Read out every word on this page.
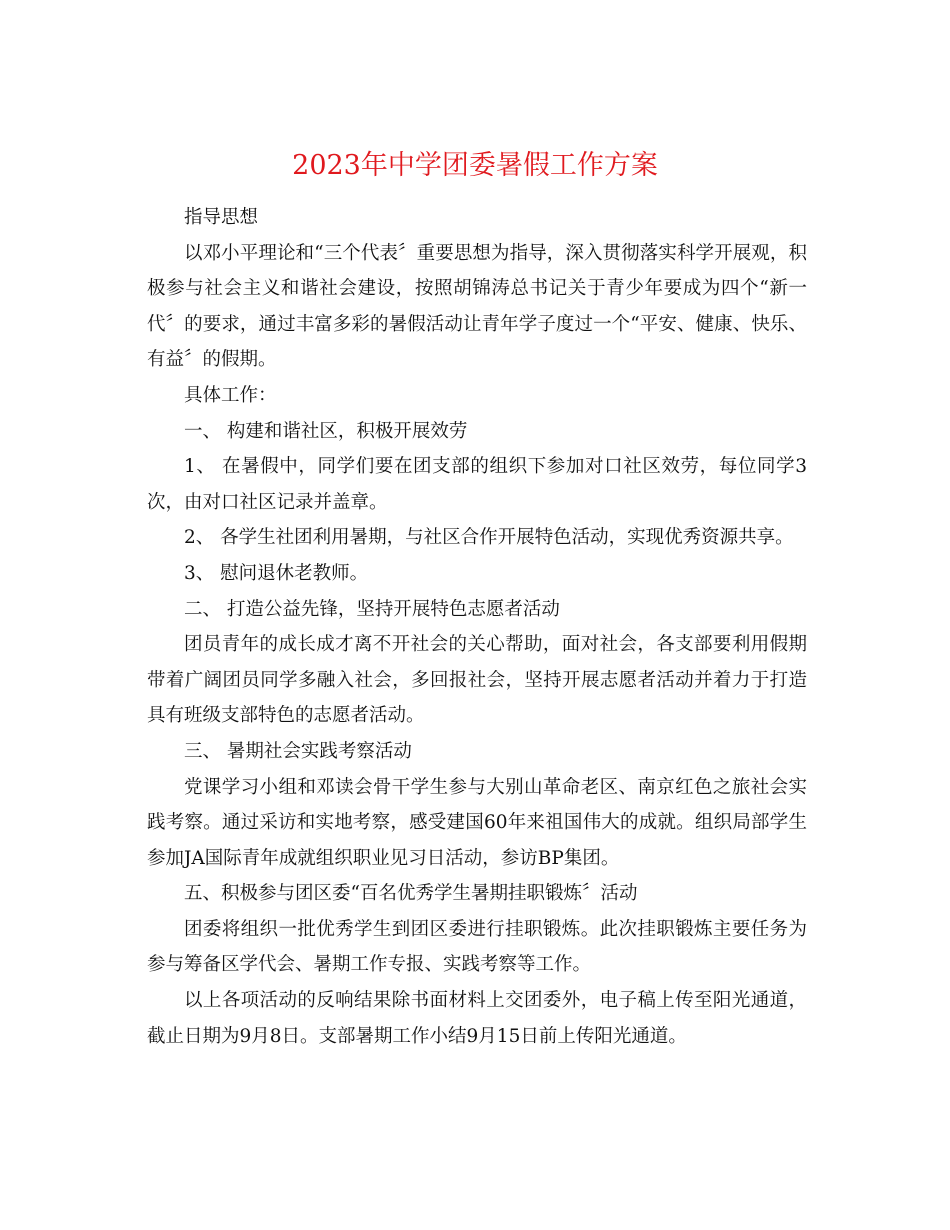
2023年中学团委暑假工作方案

指导思想

以邓小平理论和“三个代表〞重要思想为指导，深入贯彻落实科学开展观，积极参与社会主义和谐社会建设，按照胡锦涛总书记关于青少年要成为四个“新一代〞的要求，通过丰富多彩的暑假活动让青年学子度过一个“平安、健康、快乐、有益〞的假期。

具体工作：

一、 构建和谐社区，积极开展效劳

1、 在暑假中，同学们要在团支部的组织下参加对口社区效劳，每位同学3次，由对口社区记录并盖章。

2、 各学生社团利用暑期，与社区合作开展特色活动，实现优秀资源共享。

3、 慰问退休老教师。

二、 打造公益先锋，坚持开展特色志愿者活动

团员青年的成长成才离不开社会的关心帮助，面对社会，各支部要利用假期带着广阔团员同学多融入社会，多回报社会，坚持开展志愿者活动并着力于打造具有班级支部特色的志愿者活动。

三、 暑期社会实践考察活动

党课学习小组和邓读会骨干学生参与大别山革命老区、南京红色之旅社会实践考察。通过采访和实地考察，感受建国60年来祖国伟大的成就。组织局部学生参加JA国际青年成就组织职业见习日活动，参访BP集团。

五、积极参与团区委“百名优秀学生暑期挂职锻炼〞活动

团委将组织一批优秀学生到团区委进行挂职锻炼。此次挂职锻炼主要任务为参与筹备区学代会、暑期工作专报、实践考察等工作。

以上各项活动的反响结果除书面材料上交团委外，电子稿上传至阳光通道，截止日期为9月8日。支部暑期工作小结9月15日前上传阳光通道。
